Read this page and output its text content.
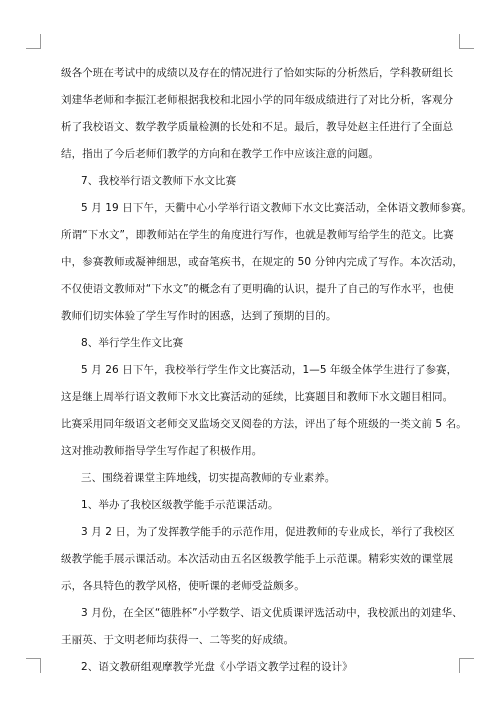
级各个班在考试中的成绩以及存在的情况进行了恰如实际的分析然后，学科教研组长
刘建华老师和李振江老师根据我校和北园小学的同年级成绩进行了对比分析，客观分
析了我校语文、数学教学质量检测的长处和不足。最后，教导处赵主任进行了全面总
结，指出了今后老师们教学的方向和在教学工作中应该注意的问题。
7、我校举行语文教师下水文比赛
5 月 19 日下午，天衢中心小学举行语文教师下水文比赛活动，全体语文教师参赛。
所谓“下水文”，即教师站在学生的角度进行写作，也就是教师写给学生的范文。比赛
中，参赛教师或凝神细思，或奋笔疾书，在规定的 50 分钟内完成了写作。本次活动，
不仅使语文教师对“下水文”的概念有了更明确的认识，提升了自己的写作水平，也使
教师们切实体验了学生写作时的困惑，达到了预期的目的。
8、举行学生作文比赛
5 月 26 日下午，我校举行学生作文比赛活动，1—5 年级全体学生进行了参赛，
这是继上周举行语文教师下水文比赛活动的延续，比赛题目和教师下水文题目相同。
比赛采用同年级语文老师交叉监场交叉阅卷的方法，评出了每个班级的一类文前 5 名。
这对推动教师指导学生写作起了积极作用。
三、围绕着课堂主阵地线，切实提高教师的专业素养。
1、举办了我校区级教学能手示范课活动。
3 月 2 日，为了发挥教学能手的示范作用，促进教师的专业成长，举行了我校区
级教学能手展示课活动。本次活动由五名区级教学能手上示范课。精彩实效的课堂展
示，各具特色的教学风格，使听课的老师受益颇多。
3 月份，在全区“德胜杯”小学数学、语文优质课评选活动中，我校派出的刘建华、
王丽英、于文明老师均获得一、二等奖的好成绩。
2、语文教研组观摩教学光盘《小学语文教学过程的设计》
